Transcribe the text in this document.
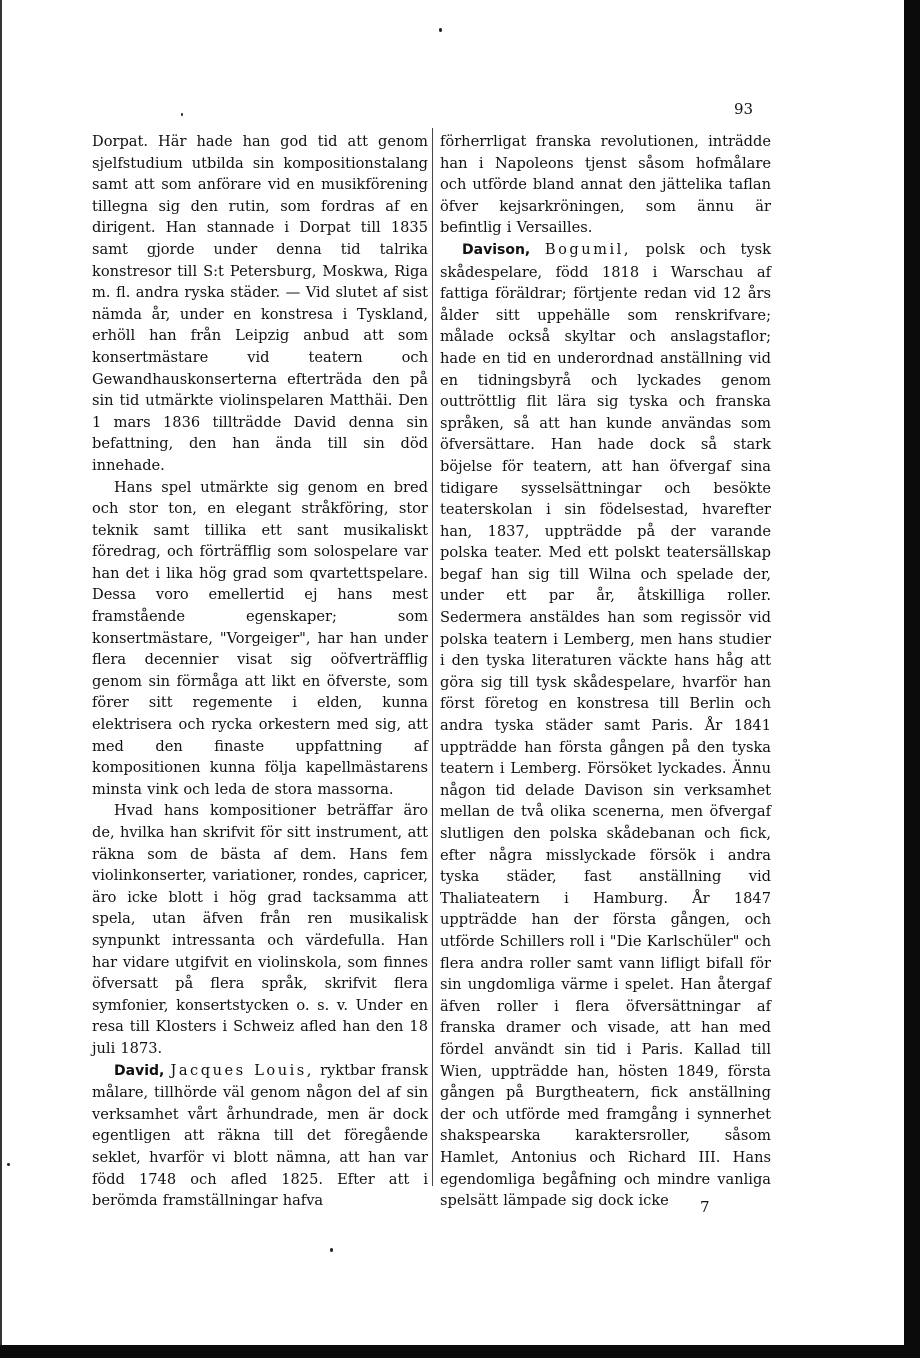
93

Dorpat. Här hade han god tid att genom sjelfstudium utbilda sin kompositionstalang samt att som anförare vid en musikförening tillegna sig den rutin, som fordras af en dirigent. Han stannade i Dorpat till 1835 samt gjorde under denna tid talrika konstresor till S:t Petersburg, Moskwa, Riga m. fl. andra ryska städer. — Vid slutet af sist nämda år, under en konstresa i Tyskland, erhöll han från Leipzig anbud att som konsertmästare vid teatern och Gewandhauskonserterna efterträda den på sin tid utmärkte violinspelaren Matthäi. Den 1 mars 1836 tillträdde David denna sin befattning, den han ända till sin död innehade.

Hans spel utmärkte sig genom en bred och stor ton, en elegant stråkföring, stor teknik samt tillika ett sant musikaliskt föredrag, och förträfflig som solospelare var han det i lika hög grad som qvartettspelare. Dessa voro emellertid ej hans mest framstående egenskaper; som konsertmästare, "Vorgeiger", har han under flera decennier visat sig oöfverträfflig genom sin förmåga att likt en öfverste, som förer sitt regemente i elden, kunna elektrisera och rycka orkestern med sig, att med den finaste uppfattning af kompositionen kunna följa kapellmästarens minsta vink och leda de stora massorna.

Hvad hans kompositioner beträffar äro de, hvilka han skrifvit för sitt instrument, att räkna som de bästa af dem. Hans fem violinkonserter, variationer, rondes, capricer, äro icke blott i hög grad tacksamma att spela, utan äfven från ren musikalisk synpunkt intressanta och värdefulla. Han har vidare utgifvit en violinskola, som finnes öfversatt på flera språk, skrifvit flera symfonier, konsertstycken o. s. v. Under en resa till Klosters i Schweiz afled han den 18 juli 1873.

David, Jacques Louis, ryktbar fransk målare, tillhörde väl genom någon del af sin verksamhet vårt århundrade, men är dock egentligen att räkna till det föregående seklet, hvarför vi blott nämna, att han var född 1748 och afled 1825. Efter att i berömda framställningar hafva

förherrligat franska revolutionen, inträdde han i Napoleons tjenst såsom hofmålare och utförde bland annat den jättelika taflan öfver kejsarkröningen, som ännu är befintlig i Versailles.

Davison, Bogumil, polsk och tysk skådespelare, född 1818 i Warschau af fattiga föräldrar; förtjente redan vid 12 års ålder sitt uppehälle som renskrifvare; målade också skyltar och anslagstaflor; hade en tid en underordnad anställning vid en tidningsbyrå och lyckades genom outtröttlig flit lära sig tyska och franska språken, så att han kunde användas som öfversättare. Han hade dock så stark böjelse för teatern, att han öfvergaf sina tidigare sysselsättningar och besökte teaterskolan i sin födelsestad, hvarefter han, 1837, uppträdde på der varande polska teater. Med ett polskt teatersällskap begaf han sig till Wilna och spelade der, under ett par år, åtskilliga roller. Sedermera anstäldes han som regissör vid polska teatern i Lemberg, men hans studier i den tyska literaturen väckte hans håg att göra sig till tysk skådespelare, hvarför han först företog en konstresa till Berlin och andra tyska städer samt Paris. År 1841 uppträdde han första gången på den tyska teatern i Lemberg. Försöket lyckades. Ännu någon tid delade Davison sin verksamhet mellan de två olika scenerna, men öfvergaf slutligen den polska skådebanan och fick, efter några misslyckade försök i andra tyska städer, fast anställning vid Thaliateatern i Hamburg. År 1847 uppträdde han der första gången, och utförde Schillers roll i "Die Karlschüler" och flera andra roller samt vann lifligt bifall för sin ungdomliga värme i spelet. Han återgaf äfven roller i flera öfversättningar af franska dramer och visade, att han med fördel användt sin tid i Paris. Kallad till Wien, uppträdde han, hösten 1849, första gången på Burgtheatern, fick anställning der och utförde med framgång i synnerhet shakspearska karaktersroller, såsom Hamlet, Antonius och Richard III. Hans egendomliga begåfning och mindre vanliga spelsätt lämpade sig dock icke	7
